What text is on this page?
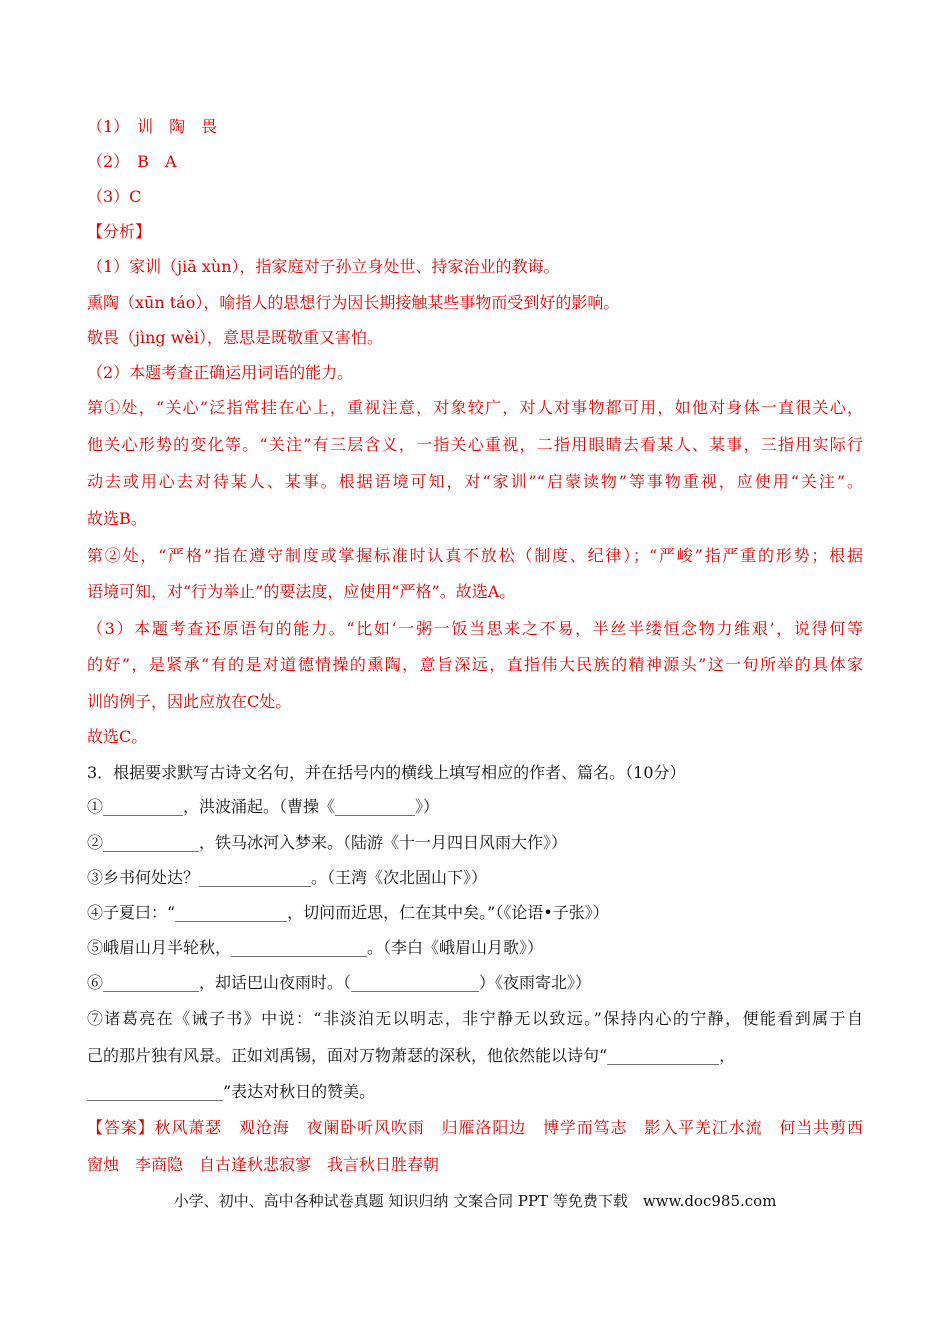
（1）　训　陶　畏
（2）　B　A
（3）C
【分析】
（1）家训（jiā xùn），指家庭对子孙立身处世、持家治业的教诲。
熏陶（xūn táo），喻指人的思想行为因长期接触某些事物而受到好的影响。
敬畏（jìng wèi），意思是既敬重又害怕。
（2）本题考查正确运用词语的能力。
第①处，“关心”泛指常挂在心上，重视注意，对象较广，对人对事物都可用，如他对身体一直很关心，
他关心形势的变化等。“关注”有三层含义，一指关心重视，二指用眼睛去看某人、某事，三指用实际行
动去或用心去对待某人、某事。根据语境可知，对“家训”“启蒙读物”等事物重视，应使用“关注”。
故选B。
第②处，“严格”指在遵守制度或掌握标准时认真不放松（制度、纪律）；“严峻”指严重的形势；根据
语境可知，对“行为举止”的要法度，应使用“严格”。故选A。
（3）本题考查还原语句的能力。“比如‘一粥一饭当思来之不易，半丝半缕恒念物力维艰’，说得何等
的好”，是紧承“有的是对道德情操的熏陶，意旨深远，直指伟大民族的精神源头”这一句所举的具体家
训的例子，因此应放在C处。
故选C。
3．根据要求默写古诗文名句，并在括号内的横线上填写相应的作者、篇名。（10分）
①__________，洪波涌起。（曹操《__________》）
②____________，铁马冰河入梦来。（陆游《十一月四日风雨大作》）
③乡书何处达？______________。（王湾《次北固山下》）
④子夏曰：“______________，切问而近思，仁在其中矣。”（《论语•子张》）
⑤峨眉山月半轮秋，_________________。（李白《峨眉山月歌》）
⑥____________，却话巴山夜雨时。（________________）《夜雨寄北》）
⑦诸葛亮在《诫子书》中说：“非淡泊无以明志，非宁静无以致远。”保持内心的宁静，便能看到属于自
己的那片独有风景。正如刘禹锡，面对万物萧瑟的深秋，他依然能以诗句“______________，
_________________”表达对秋日的赞美。
【答案】秋风萧瑟　观沧海　夜阑卧听风吹雨　归雁洛阳边　博学而笃志　影入平羌江水流　何当共剪西
窗烛　李商隐　自古逢秋悲寂寥　我言秋日胜春朝
小学、初中、高中各种试卷真题 知识归纳 文案合同 PPT 等免费下载　www.doc985.com
